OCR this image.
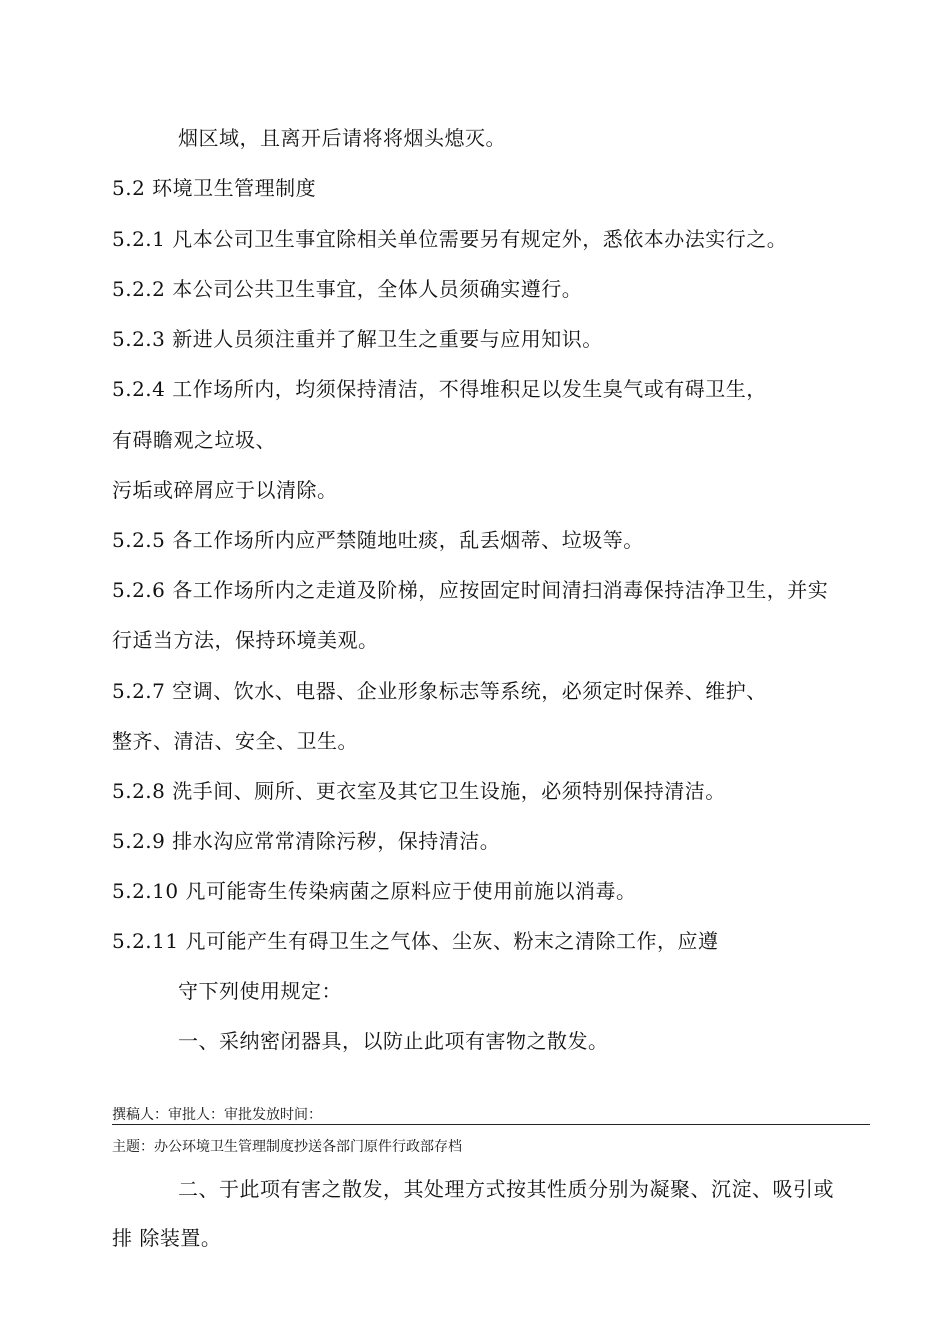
烟区域，且离开后请将将烟头熄灭。
5.2 环境卫生管理制度
5.2.1 凡本公司卫生事宜除相关单位需要另有规定外，悉依本办法实行之。
5.2.2 本公司公共卫生事宜，全体人员须确实遵行。
5.2.3 新进人员须注重并了解卫生之重要与应用知识。
5.2.4 工作场所内，均须保持清洁，不得堆积足以发生臭气或有碍卫生，
有碍瞻观之垃圾、
污垢或碎屑应于以清除。
5.2.5 各工作场所内应严禁随地吐痰，乱丢烟蒂、垃圾等。
5.2.6 各工作场所内之走道及阶梯，应按固定时间清扫消毒保持洁净卫生，并实
行适当方法，保持环境美观。
5.2.7 空调、饮水、电器、企业形象标志等系统，必须定时保养、维护、
整齐、清洁、安全、卫生。
5.2.8 洗手间、厕所、更衣室及其它卫生设施，必须特别保持清洁。
5.2.9 排水沟应常常清除污秽，保持清洁。
5.2.10 凡可能寄生传染病菌之原料应于使用前施以消毒。
5.2.11 凡可能产生有碍卫生之气体、尘灰、粉末之清除工作，应遵
守下列使用规定：
一、采纳密闭器具，以防止此项有害物之散发。
撰稿人：审批人：审批发放时间：
主题：办公环境卫生管理制度抄送各部门原件行政部存档
二、于此项有害之散发，其处理方式按其性质分别为凝聚、沉淀、吸引或
排 除装置。
